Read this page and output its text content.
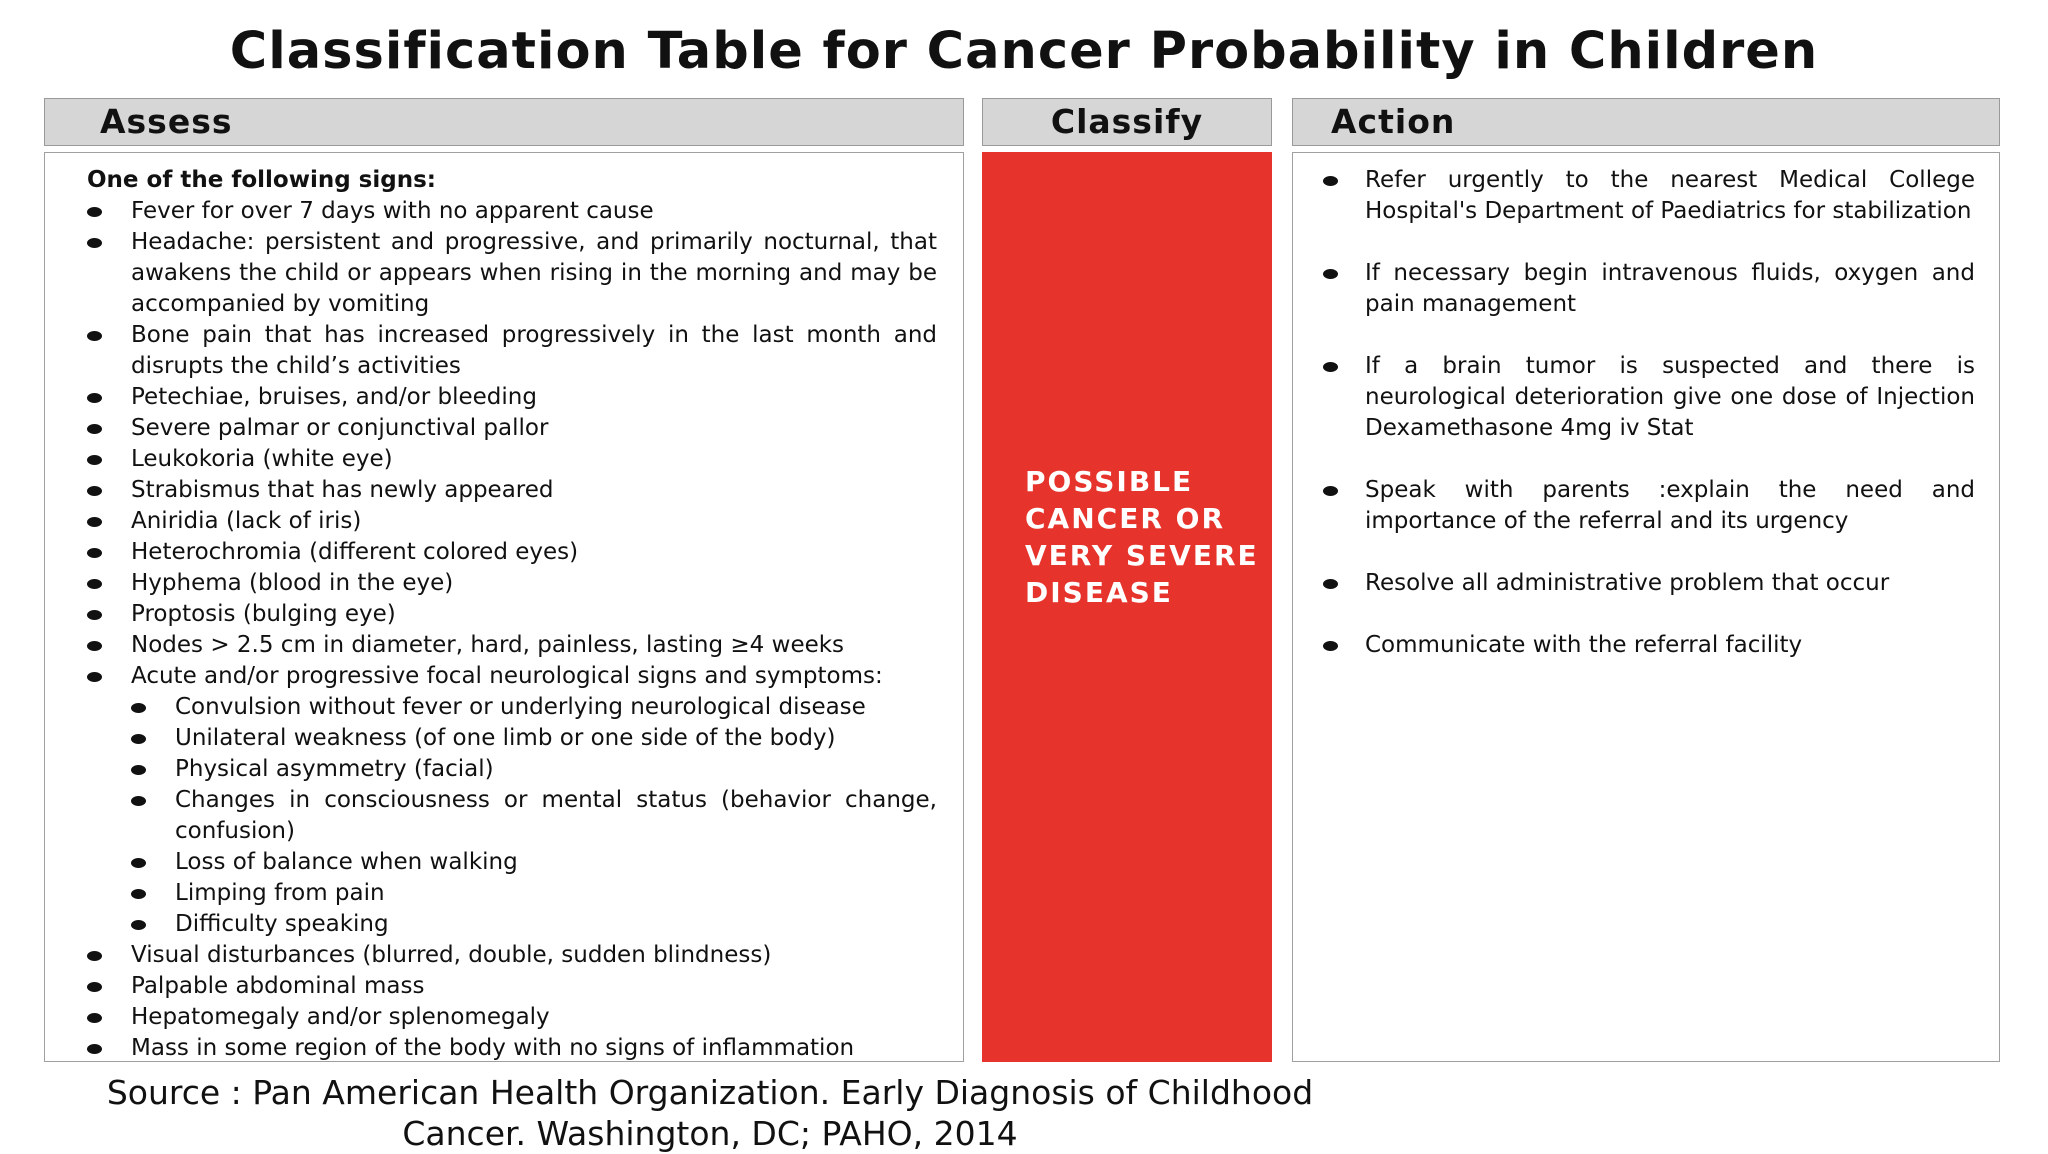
Classification Table for Cancer Probability in Children
Assess	Classify	Action

One of the following signs:

Fever for over 7 days with no apparent cause
Headache: persistent and progressive, and primarily nocturnal, that awakens the child or appears when rising in the morning and may be accompanied by vomiting
Bone pain that has increased progressively in the last month and disrupts the child’s activities
Petechiae, bruises, and/or bleeding
Severe palmar or conjunctival pallor
Leukokoria (white eye)
Strabismus that has newly appeared
Aniridia (lack of iris)
Heterochromia (different colored eyes)
Hyphema (blood in the eye)
Proptosis (bulging eye)
Nodes > 2.5 cm in diameter, hard, painless, lasting ≥4 weeks
Acute and/or progressive focal neurological signs and symptoms:
Convulsion without fever or underlying neurological disease
Unilateral weakness (of one limb or one side of the body)
Physical asymmetry (facial)
Changes in consciousness or mental status (behavior change, confusion)
Loss of balance when walking
Limping from pain
Difficulty speaking
Visual disturbances (blurred, double, sudden blindness)
Palpable abdominal mass
Hepatomegaly and/or splenomegaly
Mass in some region of the body with no signs of inflammation
POSSIBLE CANCER OR VERY SEVERE DISEASE
Refer urgently to the nearest Medical College Hospital's Department of Paediatrics for stabilization
If necessary begin intravenous fluids, oxygen and pain management
If a brain tumor is suspected and there is neurological deterioration give one dose of Injection Dexamethasone 4mg iv Stat
Speak with parents :explain the need and importance of the referral and its urgency
Resolve all administrative problem that occur
Communicate with the referral facility
Source : Pan American Health Organization. Early Diagnosis of Childhood Cancer. Washington, DC; PAHO, 2014
